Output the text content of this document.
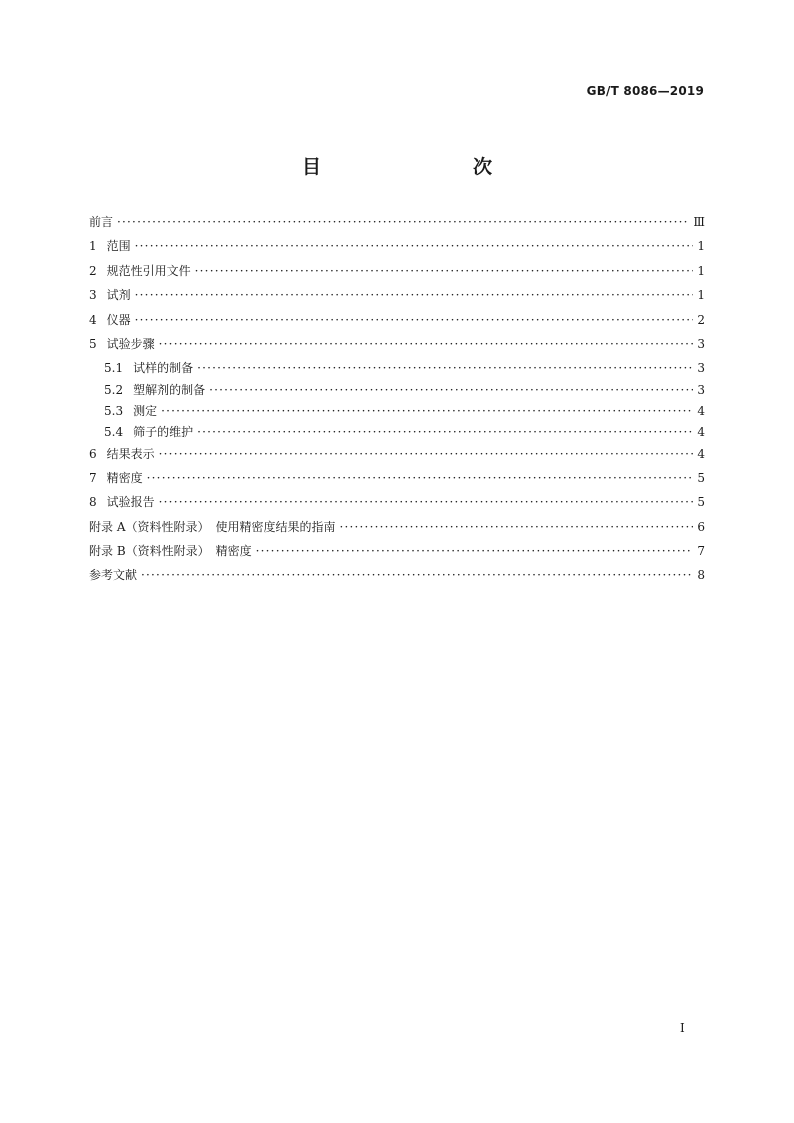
GB/T 8086—2019
目　　次
前言 ·····	Ⅲ
1 范围 ·····	1
2 规范性引用文件 ·····	1
3 试剂 ·····	1
4 仪器 ·····	2
5 试验步骤 ·····	3
5.1 试样的制备 ·····	3
5.2 塑解剂的制备 ·····	3
5.3 测定 ·····	4
5.4 筛子的维护 ·····	4
6 结果表示 ·····	4
7 精密度 ·····	5
8 试验报告 ·····	5
附录 A（资料性附录）　使用精密度结果的指南 ·····	6
附录 B（资料性附录）　精密度 ·····	7
参考文献 ·····	8
I
